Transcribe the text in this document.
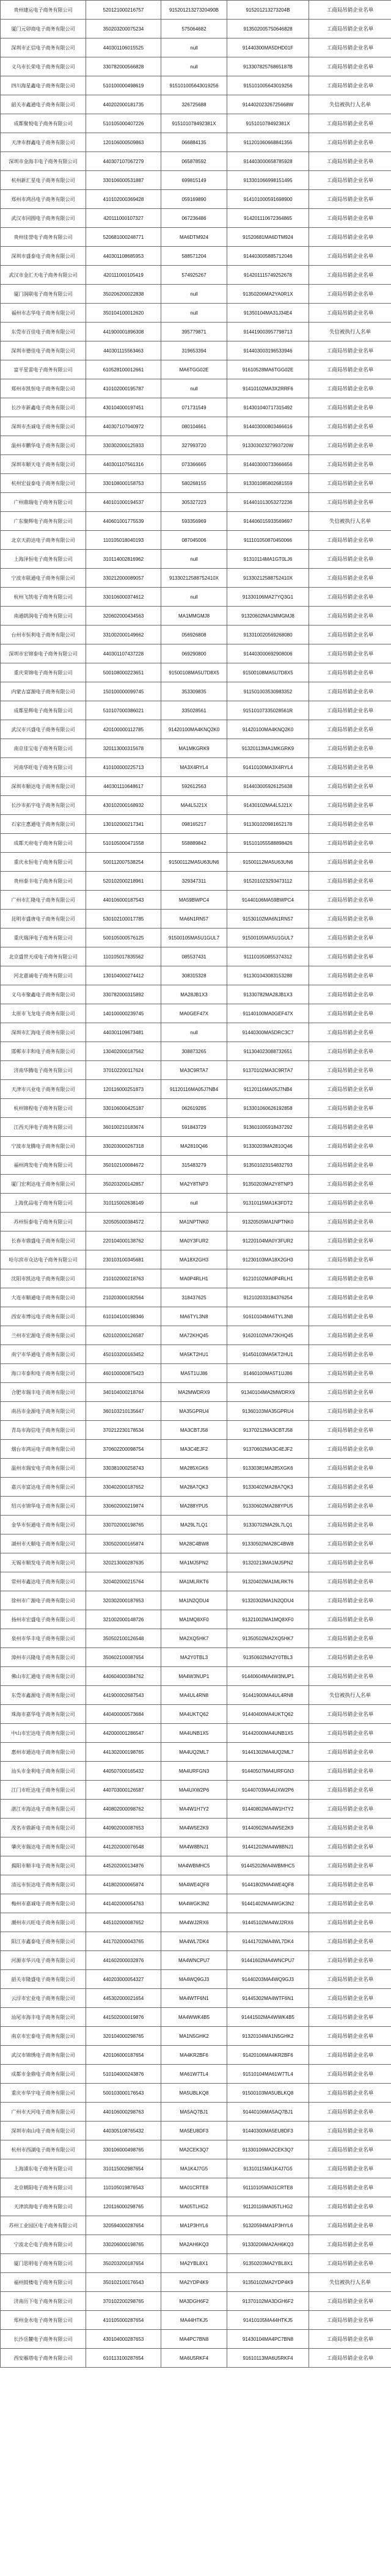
贵州建运电子商务有限公司	520121000216757	91520121327320490B	915201213273204B	工商局吊销企业名单
厦门元卯商电子商务有限公司	350203200075234	575064682	913502005750646828	工商局吊销企业名单
深圳市正信电子商务有限公司	440301106015525	null	91440300MA5DHD01F	工商局吊销企业名单
义乌市长荣电子商务有限公司	330782000566828	null	91330782576865187B	工商局吊销企业名单
四川海星鑫电子商务有限公司	510100000498619	915101005643019256	915101005643019256	工商局吊销企业名单
韶关市鑫通电子商务有限公司	440202000181735	326725688	91440202326725668W	失信被执行人名单
成都聚悦电子商务有限公司	510105000407226	915101078492381X	915101078492381X	工商局吊销企业名单
天津市群鑫电子商务有限公司	120106000509863	066884135	911201060668841356	工商局吊销企业名单
深圳市金海丰电子商务有限公司	440307107067279	065878592	914403000658785928	工商局吊销企业名单
杭州新汇星电子商务有限公司	330106000531887	699815149	913301066998151495	工商局吊销企业名单
郑州市鸿昌电子商务有限公司	410102000369428	059169890	914101000591698900	工商局吊销企业名单
武汉市同圆电子商务有限公司	420111000107327	067236486	914201110672364865	工商局吊销企业名单
贵州佳誉电子商务有限公司	520681000248771	MA6DTM924	91520681MA6DTM924	工商局吊销企业名单
深圳市盛泰电子商务有限公司	440301108685953	588571204	914403005885712046	工商局吊销企业名单
武汉市金汇天电子商务有限公司	420111000105419	574925267	914201115749252678	工商局吊销企业名单
厦门润联电子商务有限公司	350206200022838	null	91350206MA2YA0R1X	工商局吊销企业名单
福州市志华电子商务有限公司	350104100012620	null	91350104MA31J34E4	工商局吊销企业名单
东莞市百佳电子商务有限公司	441900001896308	395779871	914419003957798713	失信被执行人名单
深圳市德佳电子商务有限公司	440301115563463	319653394	914403003196533946	工商局吊销企业名单
富平星雷电子商务有限公司	610528100012661	MA6TGG02E	91610528MA6TGG02E	工商局吊销企业名单
郑州市凯恒电子商务有限公司	410102000195787	null	91410102MA3X2RRF6	工商局吊销企业名单
长沙市新鑫电子商务有限公司	430104000197451	071731549	914301040717315492	工商局吊销企业名单
深圳市杰诚电子商务有限公司	440307107040972	080104661	914403000803466616	工商局吊销企业名单
温州市鹏华电子商务有限公司	330302000125933	327993720	91330302327993720W	工商局吊销企业名单
深圳市顺天电子商务有限公司	440301107561316	073366665	914403000733666656	工商局吊销企业名单
杭州宏益泰电子商务有限公司	330108000158753	580268155	913301085802681559	工商局吊销企业名单
广州鼎瑞电子商务有限公司	440101000194537	305327223	914401013053272236	工商局吊销企业名单
广东聚辉电子商务有限公司	440601001775539	593356969	914406015933569697	失信被执行人名单
北京天韵达电子商务有限公司	110105018040193	087045006	911101050870450066	工商局吊销企业名单
上海泽恒电子商务有限公司	310114002816962	null	91310114MA1GT0LJ6	工商局吊销企业名单
宁波市联通电子商务有限公司	330212000089057	91330212588752410X	91330212588752410X	工商局吊销企业名单
杭州飞凯电子商务有限公司	330106000374612	null	91330106MA27YQ3G1	工商局吊销企业名单
南通朗润电子商务有限公司	320602000434563	MA1MMGMJ8	91320602MA1MMGMJ8	工商局吊销企业名单
台州市恒利电子商务有限公司	331002000149662	056926808	913310020569268080	工商局吊销企业名单
深圳市宏锦泰电子商务有限公司	440301107437228	069290800	914403000692908006	工商局吊销企业名单
重庆荣锦电子商务有限公司	500108000223651	91500108MA5U7D8X5	91500108MA5U7D8X5	工商局吊销企业名单
内蒙古富源电子商务有限公司	150100000099745	353309835	911501003530983352	工商局吊销企业名单
成都星辉电子商务有限公司	510107000386021	335028561	91510107335028561R	工商局吊销企业名单
武汉市兴盛电子商务有限公司	420100000112785	91420100MA4KNQ2K0	91420100MA4KNQ2K0	工商局吊销企业名单
南京佳宝电子商务有限公司	320113000315678	MA1MKGRK9	91320113MA1MKGRK9	工商局吊销企业名单
河南华旺电子商务有限公司	410100000225713	MA3X4RYL4	91410100MA3X4RYL4	工商局吊销企业名单
深圳市顺达电子商务有限公司	440301110648617	592612563	914403005926125638	工商局吊销企业名单
长沙市拓宇电子商务有限公司	430102000168932	MA4L5J21X	91430102MA4L5J21X	工商局吊销企业名单
石家庄惠通电子商务有限公司	130102000217341	098165217	911301020981652178	工商局吊销企业名单
成都天府电子商务有限公司	510105000471558	558889842	915101055588898426	工商局吊销企业名单
重庆永恒电子商务有限公司	500112007538254	91500112MA5U63UN6	91500112MA5U63UN6	工商局吊销企业名单
贵州泰丰电子商务有限公司	520102000218961	329347311	915201023293473112	工商局吊销企业名单
广州市汇隆电子商务有限公司	440106000187543	MA59BWPC4	91440106MA59BWPC4	工商局吊销企业名单
昆明市盛唐电子商务有限公司	530102100017785	MA6N1RN57	91530102MA6N1RN57	工商局吊销企业名单
重庆瑞泽电子商务有限公司	500105000576125	91500105MA5U1GUL7	91500105MA5U1GUL7	工商局吊销企业名单
北京盛世天成电子商务有限公司	110105017835562	085537431	911101050855374312	工商局吊销企业名单
河北嘉诚电子商务有限公司	130104000274412	308315328	911301043083153288	工商局吊销企业名单
义乌市聚鑫电子商务有限公司	330782000315892	MA28JB1X3	91330782MA28JB1X3	工商局吊销企业名单
太原市飞龙电子商务有限公司	140100000239745	MA0GEF47X	91140100MA0GEF47X	工商局吊销企业名单
深圳市汇海电子商务有限公司	440301109673481	null	91440300MA5DRC3C7	工商局吊销企业名单
邯郸市丰和电子商务有限公司	130402000187562	308873265	911304023088732651	工商局吊销企业名单
济南华腾电子商务有限公司	370102200117624	MA3C9RTA7	91370102MA3C9RTA7	工商局吊销企业名单
天津市兴业电子商务有限公司	120116000251873	91120116MA05J7NB4	91120116MA05J7NB4	工商局吊销企业名单
杭州锦程电子商务有限公司	330106000425187	062619285	913301060626192858	工商局吊销企业名单
江西天泽电子商务有限公司	360100210183674	591843729	913601005918437292	工商局吊销企业名单
宁波市龙腾电子商务有限公司	330203000267318	MA2810Q46	91330203MA2810Q46	工商局吊销企业名单
福州鸿发电子商务有限公司	350102100084672	315483279	913501023154832793	工商局吊销企业名单
厦门宏利达电子商务有限公司	350203200142857	MA2Y8TNP3	91350203MA2Y8TNP3	工商局吊销企业名单
上海优品电子商务有限公司	310115002638149	null	91310115MA1K3FDT2	工商局吊销企业名单
苏州恒泰电子商务有限公司	320505000384572	MA1NPTNK0	91320505MA1NPTNK0	工商局吊销企业名单
长春市鼎盛电子商务有限公司	220104000138762	MA0Y3FUR2	91220104MA0Y3FUR2	工商局吊销企业名单
哈尔滨市众达电子商务有限公司	230103100345681	MA18X2GH3	91230103MA18X2GH3	工商局吊销企业名单
沈阳市凯达电子商务有限公司	210102000218763	MA0P4RLH1	91210102MA0P4RLH1	工商局吊销企业名单
大连市顺通电子商务有限公司	210203000182564	318437625	912102033184376254	工商局吊销企业名单
西安市博远电子商务有限公司	610104100198346	MA6TYL3N8	91610104MA6TYL3N8	工商局吊销企业名单
兰州市宏源电子商务有限公司	620102000126587	MA72KHQ45	91620102MA72KHQ45	工商局吊销企业名单
南宁市华通电子商务有限公司	450103200163452	MA5KT2HU1	91450103MA5KT2HU1	工商局吊销企业名单
海口市泰和电子商务有限公司	460100000875423	MA5T1UJ86	91460100MA5T1UJ86	工商局吊销企业名单
合肥市瑞丰电子商务有限公司	340104000218764	MA2MWDRX9	91340104MA2MWDRX9	工商局吊销企业名单
南昌市金源电子商务有限公司	360103210135647	MA35GPRU4	91360103MA35GPRU4	工商局吊销企业名单
青岛市海信电子商务有限公司	370212230178534	MA3CBTJ58	91370212MA3CBTJ58	工商局吊销企业名单
烟台市鸿运电子商务有限公司	370602200098754	MA3C4EJF2	91370602MA3C4EJF2	工商局吊销企业名单
温州市瑞安电子商务有限公司	330381000258743	MA285XGK6	91330381MA285XGK6	工商局吊销企业名单
嘉兴市富达电子商务有限公司	330402000187652	MA28A7QK3	91330402MA28A7QK3	工商局吊销企业名单
绍兴市锦华电子商务有限公司	330602000219874	MA288YPU5	91330602MA288YPU5	工商局吊销企业名单
金华市恒通电子商务有限公司	330702000198765	MA29L7LQ1	91330702MA29L7LQ1	工商局吊销企业名单
湖州市天顺电子商务有限公司	330502000165874	MA28C4BW8	91330502MA28C4BW8	工商局吊销企业名单
无锡市顺发电子商务有限公司	320213000287635	MA1MJ5PN2	91320213MA1MJ5PN2	工商局吊销企业名单
常州市鑫达电子商务有限公司	320402000215764	MA1MLRKT6	91320402MA1MLRKT6	工商局吊销企业名单
徐州市广源电子商务有限公司	320302000187653	MA1N2QDU4	91320302MA1N2QDU4	工商局吊销企业名单
扬州市宏盛电子商务有限公司	321002000148726	MA1MQ8XF0	91321002MA1MQ8XF0	工商局吊销企业名单
泉州市华丰电子商务有限公司	350502100126548	MA2XQ5HK7	91350502MA2XQ5HK7	工商局吊销企业名单
漳州市兴隆电子商务有限公司	350602100087654	MA2Y0TBL3	91350602MA2Y0TBL3	工商局吊销企业名单
佛山市汇通电子商务有限公司	440604000384762	MA4W3NUP1	91440604MA4W3NUP1	工商局吊销企业名单
东莞市鑫源电子商务有限公司	441900002687543	MA4UL4RN8	91441900MA4UL4RN8	失信被执行人名单
珠海市嘉华电子商务有限公司	440400000573684	MA4UKTQ62	91440400MA4UKTQ62	工商局吊销企业名单
中山市宏达电子商务有限公司	442000001286547	MA4UNB1X5	91442000MA4UNB1X5	工商局吊销企业名单
惠州市通达电子商务有限公司	441302000198765	MA4UQ2ML7	91441302MA4UQ2ML7	工商局吊销企业名单
汕头市金利电子商务有限公司	440507000165432	MA4URFGN3	91440507MA4URFGN3	工商局吊销企业名单
江门市旺达电子商务有限公司	440703000126587	MA4UXW2P6	91440703MA4UXW2P6	工商局吊销企业名单
湛江市海达电子商务有限公司	440802000098762	MA4W1H7Y2	91440802MA4W1H7Y2	工商局吊销企业名单
茂名市鼎新电子商务有限公司	440902000087653	MA4W5E2K9	91440902MA4W5E2K9	工商局吊销企业名单
肇庆市瑞达电子商务有限公司	441202000076548	MA4W8BNJ1	91441202MA4W8BNJ1	工商局吊销企业名单
揭阳市顺丰电子商务有限公司	445202000134876	MA4WBMHC5	91445202MA4WBMHC5	工商局吊销企业名单
清远市恒达电子商务有限公司	441802000065874	MA4WE4QF8	91441802MA4WE4QF8	工商局吊销企业名单
梅州市嘉诚电子商务有限公司	441402000054763	MA4WGK3N2	91441402MA4WGK3N2	工商局吊销企业名单
潮州市兴旺电子商务有限公司	445102000087652	MA4WJ2RX6	91445102MA4WJ2RX6	工商局吊销企业名单
阳江市鑫泰电子商务有限公司	441702000043765	MA4WL7DK4	91441702MA4WL7DK4	工商局吊销企业名单
河源市华兴电子商务有限公司	441602000032876	MA4WNCPU7	91441602MA4WNCPU7	工商局吊销企业名单
韶关市隆盛电子商务有限公司	440203000054327	MA4WQ9GJ3	91440203MA4WQ9GJ3	工商局吊销企业名单
云浮市宏业电子商务有限公司	445302000021654	MA4WTF6N1	91445302MA4WTF6N1	工商局吊销企业名单
汕尾市海丰电子商务有限公司	441502000019876	MA4WWK4B5	91441502MA4WWK4B5	工商局吊销企业名单
南京市宏泰电子商务有限公司	320104000298765	MA1N5GHK2	91320104MA1N5GHK2	工商局吊销企业名单
武汉市锦绣电子商务有限公司	420106000187654	MA4KR2BF6	91420106MA4KR2BF6	工商局吊销企业名单
成都市金鼎电子商务有限公司	510104000243876	MA61W7TL4	91510104MA61W7TL4	工商局吊销企业名单
重庆市华宇电子商务有限公司	500103000176543	MA5UBLKQ8	91500103MA5UBLKQ8	工商局吊销企业名单
广州市天河电子商务有限公司	440106000298763	MA5AQ7BJ1	91440106MA5AQ7BJ1	工商局吊销企业名单
深圳市南山电子商务有限公司	440305108765432	MA5EU8DF3	91440300MA5EU8DF3	工商局吊销企业名单
杭州市西湖电子商务有限公司	330106000498765	MA2CEK3Q7	91330106MA2CEK3Q7	工商局吊销企业名单
上海浦东电子商务有限公司	310115002987654	MA1K4J7G5	91310115MA1K4J7G5	工商局吊销企业名单
北京朝阳电子商务有限公司	110105019876543	MA01CRTE8	91110105MA01CRTE8	工商局吊销企业名单
天津滨海电子商务有限公司	120116000298765	MA05TLHG2	91120116MA05TLHG2	工商局吊销企业名单
苏州工业园区电子商务有限公司	320594000287654	MA1P3HYL6	91320594MA1P3HYL6	工商局吊销企业名单
宁波北仑电子商务有限公司	330206000198765	MA2AH6KQ3	91330206MA2AH6KQ3	工商局吊销企业名单
厦门思明电子商务有限公司	350203200187654	MA2YBL8X1	91350203MA2YBL8X1	工商局吊销企业名单
福州鼓楼电子商务有限公司	350102100176543	MA2YDP4K9	91350102MA2YDP4K9	失信被执行人名单
济南历下电子商务有限公司	370102200298765	MA3DGH6F2	91370102MA3DGH6F2	工商局吊销企业名单
郑州金水电子商务有限公司	410105000287654	MA44HTKJ5	91410105MA44HTKJ5	工商局吊销企业名单
长沙岳麓电子商务有限公司	430104000287653	MA4PC7BN8	91430104MA4PC7BN8	工商局吊销企业名单
西安雁塔电子商务有限公司	610113100287654	MA6U5RKF4	91610113MA6U5RKF4	工商局吊销企业名单
